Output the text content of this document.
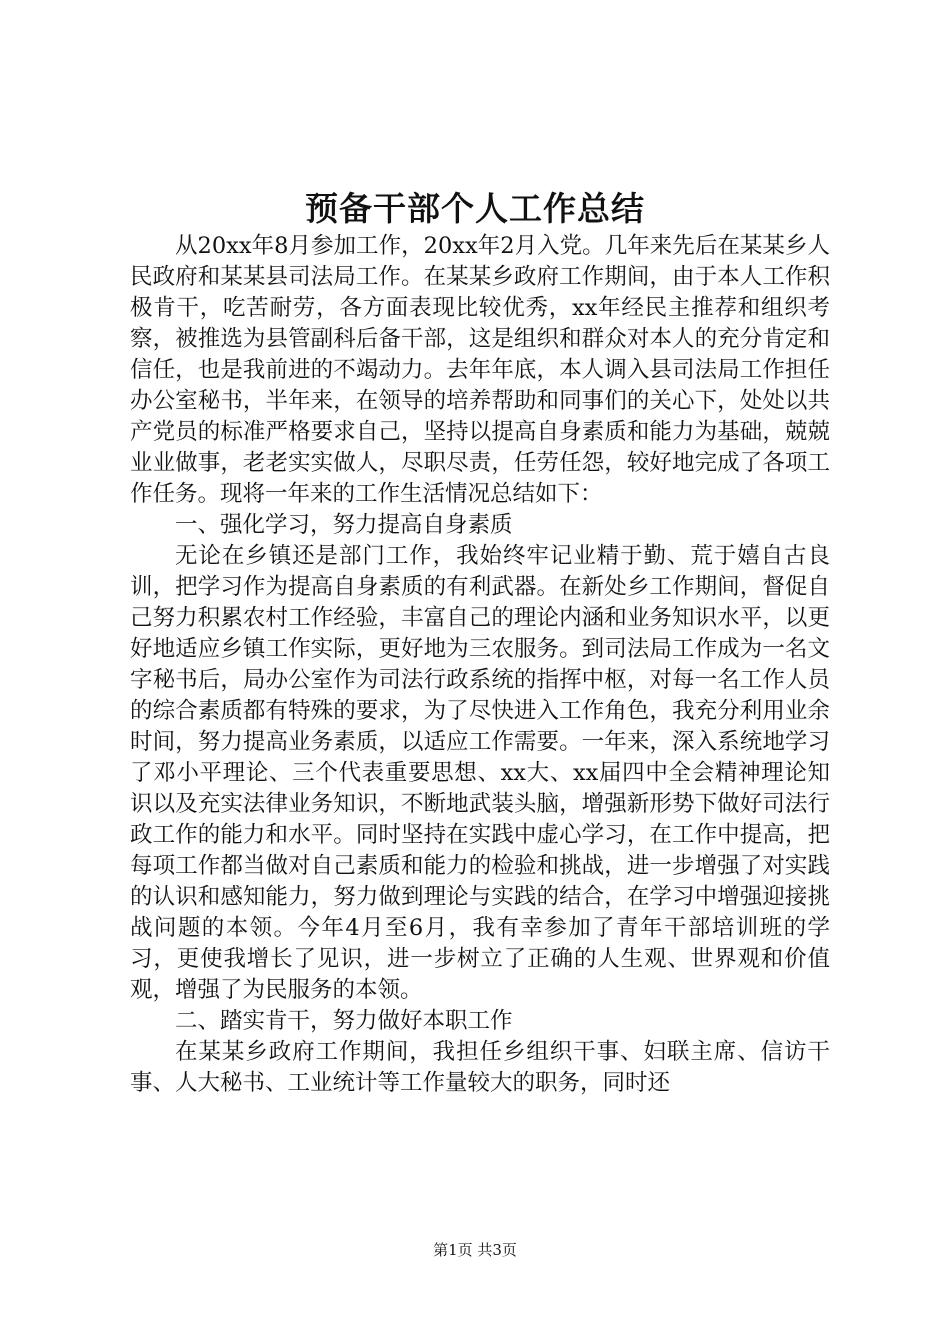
预备干部个人工作总结

从20xx年8月参加工作，20xx年2月入党。几年来先后在某某乡人民政府和某某县司法局工作。在某某乡政府工作期间，由于本人工作积极肯干，吃苦耐劳，各方面表现比较优秀，xx年经民主推荐和组织考察，被推选为县管副科后备干部，这是组织和群众对本人的充分肯定和信任，也是我前进的不竭动力。去年年底，本人调入县司法局工作担任办公室秘书，半年来，在领导的培养帮助和同事们的关心下，处处以共产党员的标准严格要求自己，坚持以提高自身素质和能力为基础，兢兢业业做事，老老实实做人，尽职尽责，任劳任怨，较好地完成了各项工作任务。现将一年来的工作生活情况总结如下：

一、强化学习，努力提高自身素质

无论在乡镇还是部门工作，我始终牢记业精于勤、荒于嬉自古良训，把学习作为提高自身素质的有利武器。在新处乡工作期间，督促自己努力积累农村工作经验，丰富自己的理论内涵和业务知识水平，以更好地适应乡镇工作实际，更好地为三农服务。到司法局工作成为一名文字秘书后，局办公室作为司法行政系统的指挥中枢，对每一名工作人员的综合素质都有特殊的要求，为了尽快进入工作角色，我充分利用业余时间，努力提高业务素质，以适应工作需要。一年来，深入系统地学习了邓小平理论、三个代表重要思想、xx大、xx届四中全会精神理论知识以及充实法律业务知识，不断地武装头脑，增强新形势下做好司法行政工作的能力和水平。同时坚持在实践中虚心学习，在工作中提高，把每项工作都当做对自己素质和能力的检验和挑战，进一步增强了对实践的认识和感知能力，努力做到理论与实践的结合，在学习中增强迎接挑战问题的本领。今年4月至6月，我有幸参加了青年干部培训班的学习，更使我增长了见识，进一步树立了正确的人生观、世界观和价值观，增强了为民服务的本领。

二、踏实肯干，努力做好本职工作

在某某乡政府工作期间，我担任乡组织干事、妇联主席、信访干事、人大秘书、工业统计等工作量较大的职务，同时还

第1页 共3页
